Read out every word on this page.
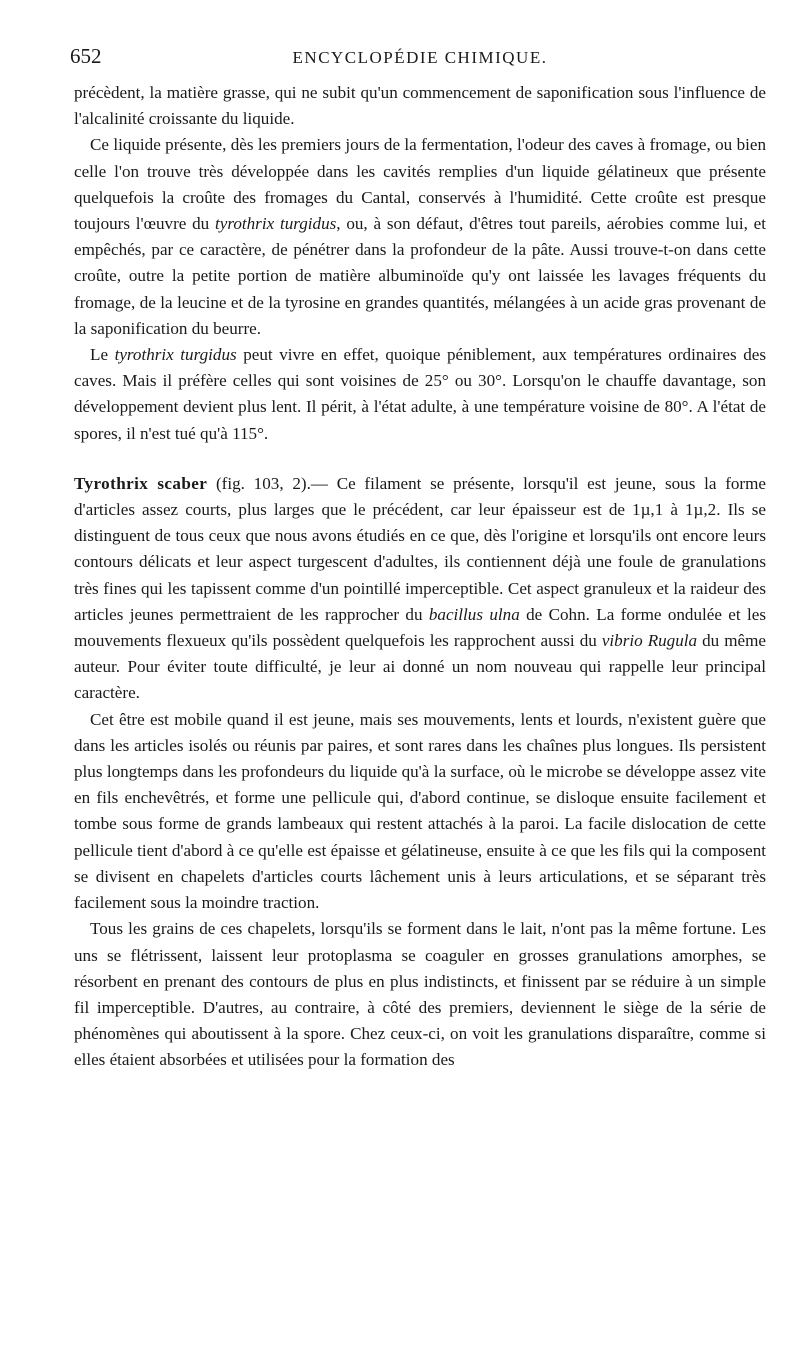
652	ENCYCLOPÉDIE CHIMIQUE.

précèdent, la matière grasse, qui ne subit qu'un commencement de saponification sous l'influence de l'alcalinité croissante du liquide.

Ce liquide présente, dès les premiers jours de la fermentation, l'odeur des caves à fromage, ou bien celle l'on trouve très développée dans les cavités remplies d'un liquide gélatineux que présente quelquefois la croûte des fromages du Cantal, conservés à l'humidité. Cette croûte est presque toujours l'œuvre du tyrothrix turgidus, ou, à son défaut, d'êtres tout pareils, aérobies comme lui, et empêchés, par ce caractère, de pénétrer dans la profondeur de la pâte. Aussi trouve-t-on dans cette croûte, outre la petite portion de matière albuminoïde qu'y ont laissée les lavages fréquents du fromage, de la leucine et de la tyrosine en grandes quantités, mélangées à un acide gras provenant de la saponification du beurre.

Le tyrothrix turgidus peut vivre en effet, quoique péniblement, aux températures ordinaires des caves. Mais il préfère celles qui sont voisines de 25° ou 30°. Lorsqu'on le chauffe davantage, son développement devient plus lent. Il périt, à l'état adulte, à une température voisine de 80°. A l'état de spores, il n'est tué qu'à 115°.

Tyrothrix scaber (fig. 103, 2).— Ce filament se présente, lorsqu'il est jeune, sous la forme d'articles assez courts, plus larges que le précédent, car leur épaisseur est de 1µ,1 à 1µ,2. Ils se distinguent de tous ceux que nous avons étudiés en ce que, dès l'origine et lorsqu'ils ont encore leurs contours délicats et leur aspect turgescent d'adultes, ils contiennent déjà une foule de granulations très fines qui les tapissent comme d'un pointillé imperceptible. Cet aspect granuleux et la raideur des articles jeunes permettraient de les rapprocher du bacillus ulna de Cohn. La forme ondulée et les mouvements flexueux qu'ils possèdent quelquefois les rapprochent aussi du vibrio Rugula du même auteur. Pour éviter toute difficulté, je leur ai donné un nom nouveau qui rappelle leur principal caractère.

Cet être est mobile quand il est jeune, mais ses mouvements, lents et lourds, n'existent guère que dans les articles isolés ou réunis par paires, et sont rares dans les chaînes plus longues. Ils persistent plus longtemps dans les profondeurs du liquide qu'à la surface, où le microbe se développe assez vite en fils enchevêtrés, et forme une pellicule qui, d'abord continue, se disloque ensuite facilement et tombe sous forme de grands lambeaux qui restent attachés à la paroi. La facile dislocation de cette pellicule tient d'abord à ce qu'elle est épaisse et gélatineuse, ensuite à ce que les fils qui la composent se divisent en chapelets d'articles courts lâchement unis à leurs articulations, et se séparant très facilement sous la moindre traction.

Tous les grains de ces chapelets, lorsqu'ils se forment dans le lait, n'ont pas la même fortune. Les uns se flétrissent, laissent leur protoplasma se coaguler en grosses granulations amorphes, se résorbent en prenant des contours de plus en plus indistincts, et finissent par se réduire à un simple fil imperceptible. D'autres, au contraire, à côté des premiers, deviennent le siège de la série de phénomènes qui aboutissent à la spore. Chez ceux-ci, on voit les granulations disparaître, comme si elles étaient absorbées et utilisées pour la formation des
